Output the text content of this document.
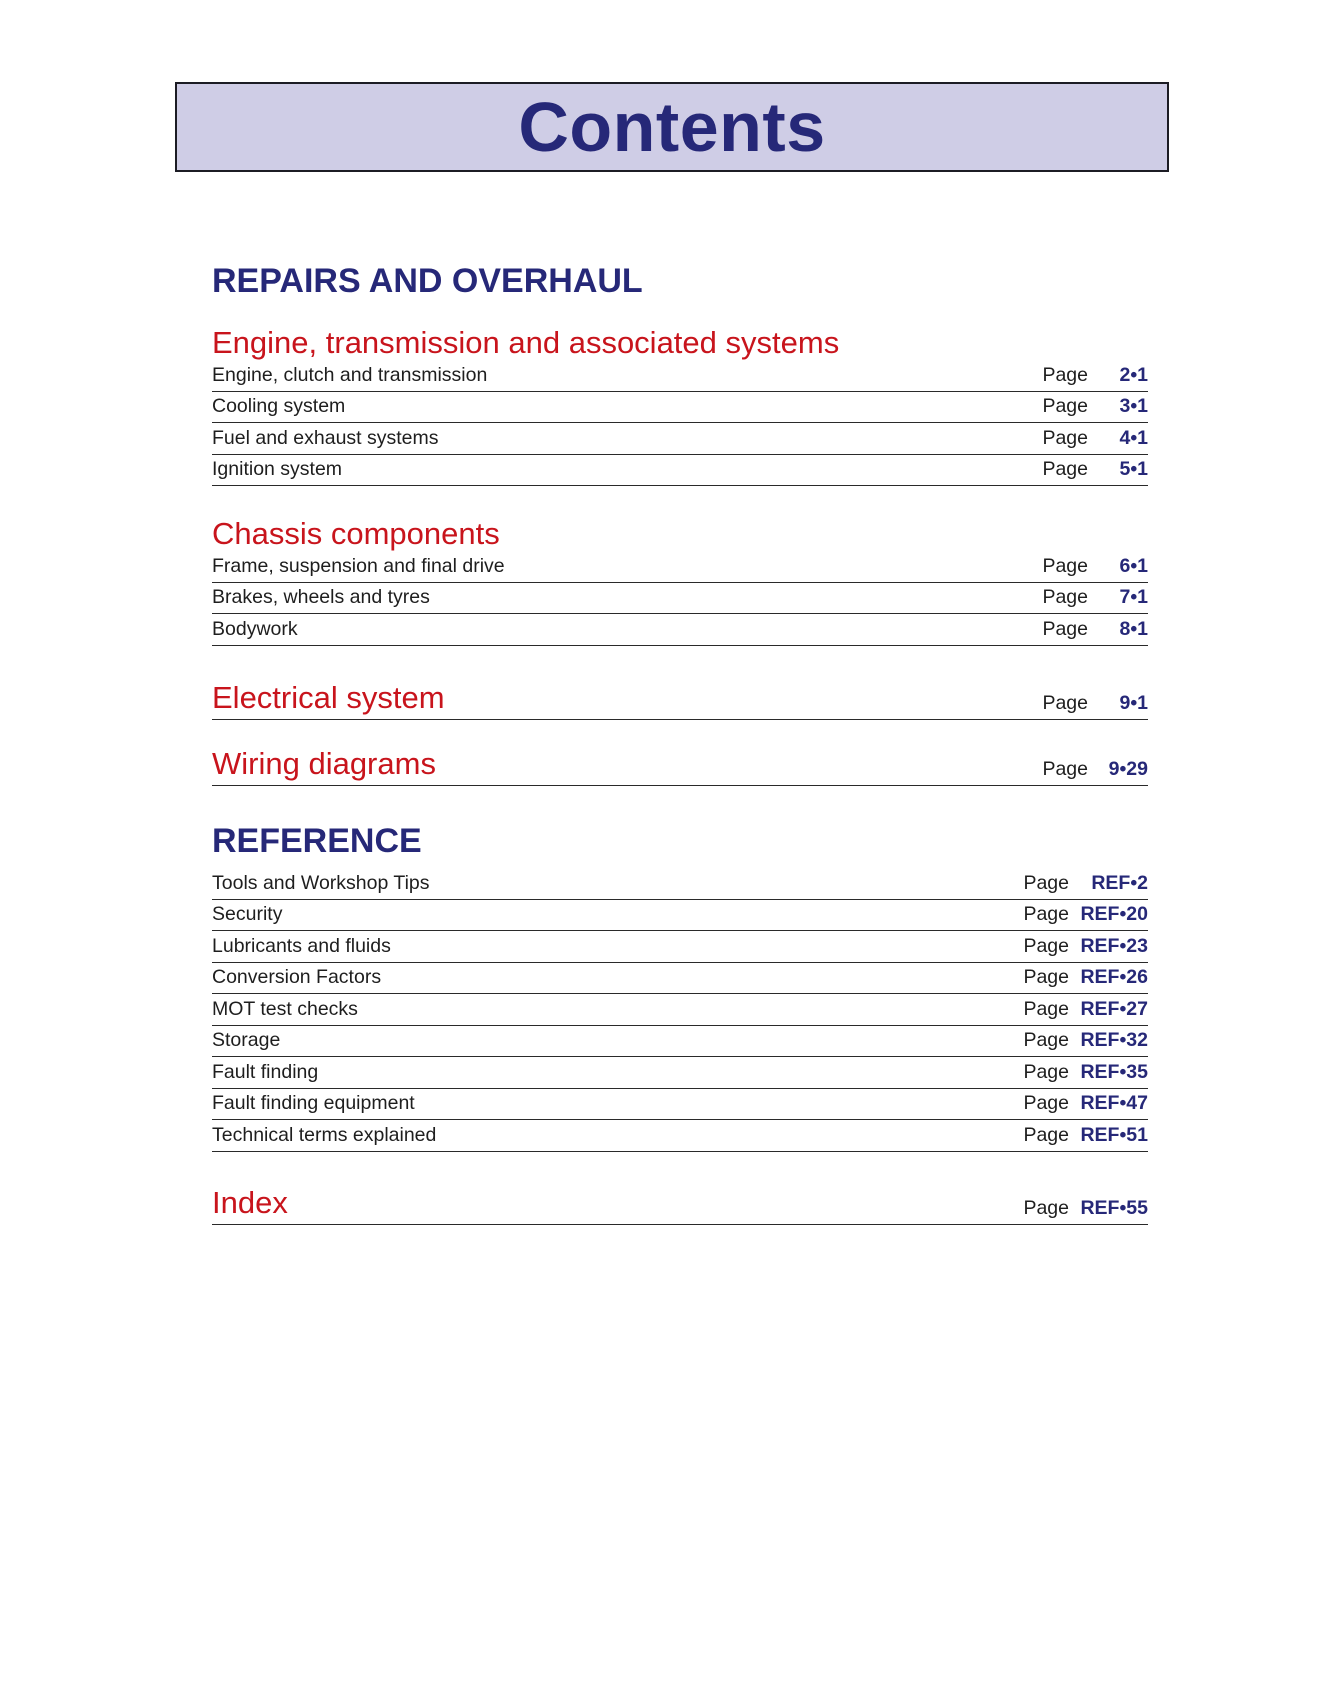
Contents
REPAIRS AND OVERHAUL
Engine, transmission and associated systems
Engine, clutch and transmission	Page 2•1
Cooling system	Page 3•1
Fuel and exhaust systems	Page 4•1
Ignition system	Page 5•1
Chassis components
Frame, suspension and final drive	Page 6•1
Brakes, wheels and tyres	Page 7•1
Bodywork	Page 8•1
Electrical system	Page 9•1
Wiring diagrams	Page 9•29
REFERENCE
Tools and Workshop Tips	Page REF•2
Security	Page REF•20
Lubricants and fluids	Page REF•23
Conversion Factors	Page REF•26
MOT test checks	Page REF•27
Storage	Page REF•32
Fault finding	Page REF•35
Fault finding equipment	Page REF•47
Technical terms explained	Page REF•51
Index	Page REF•55
